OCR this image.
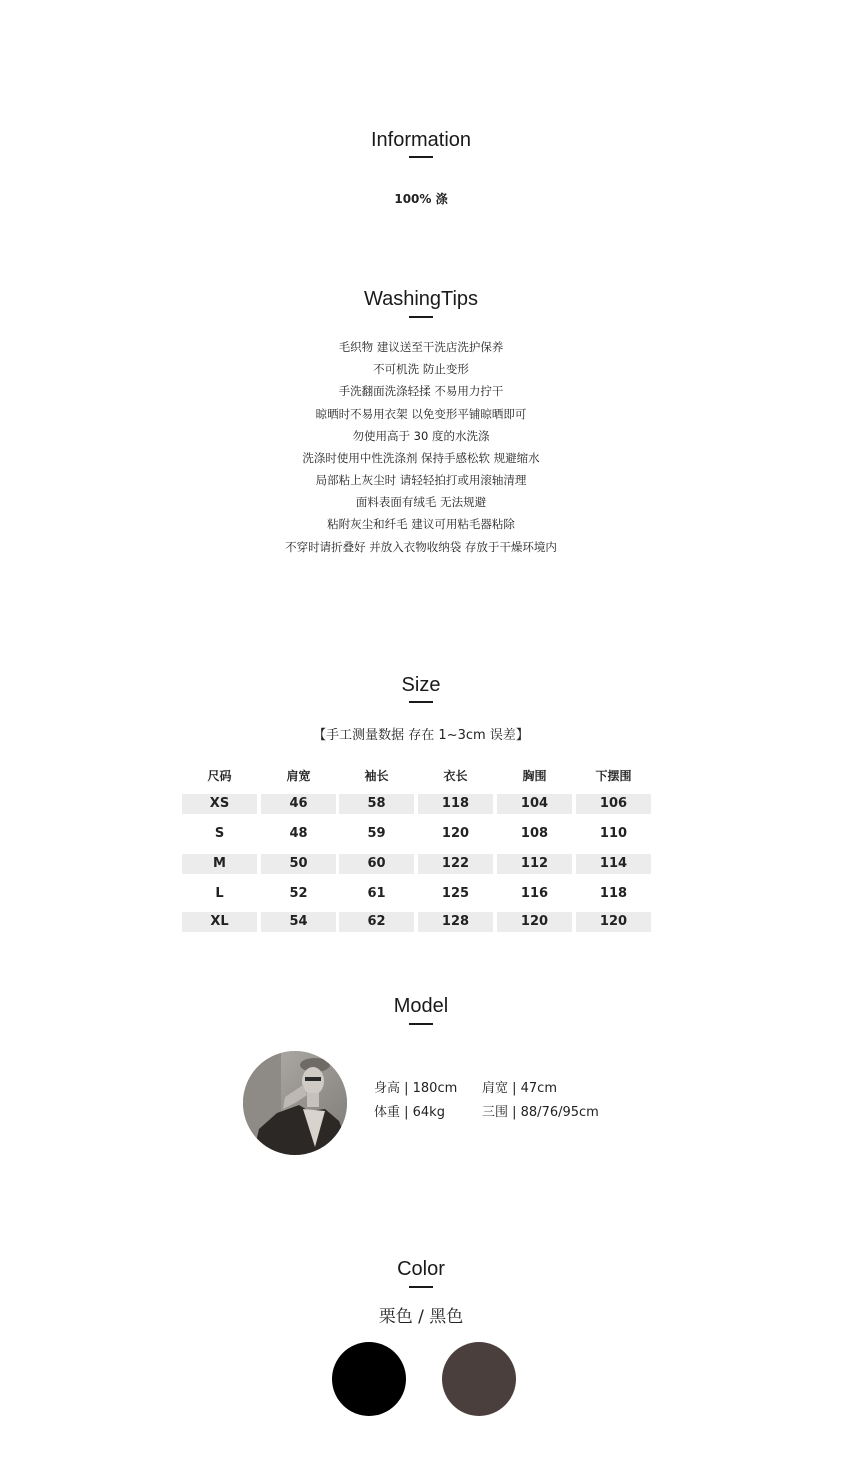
Information
100% 涤
WashingTips
毛织物 建议送至干洗店洗护保养
不可机洗 防止变形
手洗翻面洗涤轻揉 不易用力拧干
晾晒时不易用衣架 以免变形平铺晾晒即可
勿使用高于 30 度的水洗涤
洗涤时使用中性洗涤剂 保持手感松软 规避缩水
局部粘上灰尘时 请轻轻拍打或用滚轴清理
面料表面有绒毛 无法规避
粘附灰尘和纤毛 建议可用粘毛器粘除
不穿时请折叠好 并放入衣物收纳袋 存放于干燥环境内
Size
【手工测量数据 存在 1~3cm 误差】
尺码	肩宽	袖长	衣长	胸围	下摆围
XS	46	58	118	104	106
S	48	59	120	108	110
M	50	60	122	112	114
L	52	61	125	116	118
XL	54	62	128	120	120
Model
身高 | 180cm 肩宽 | 47cm
体重 | 64kg	三围 | 88/76/95cm
Color
栗色 / 黑色
